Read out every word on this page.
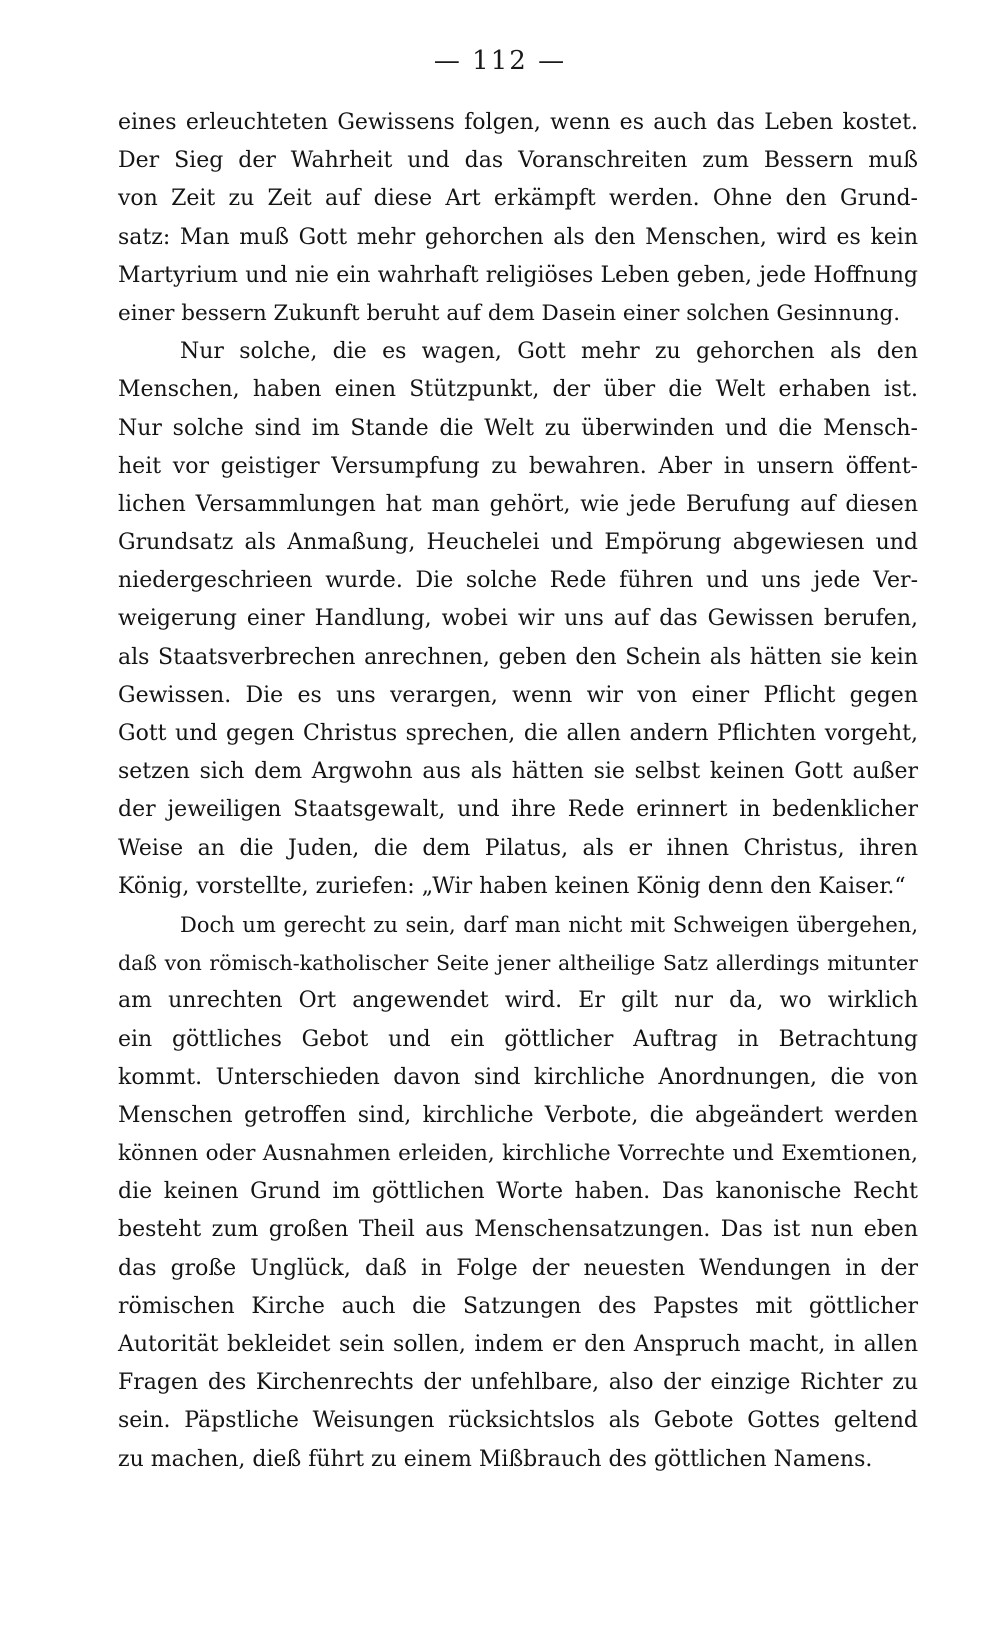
— 112 —
eines erleuchteten Gewissens folgen, wenn es auch das Leben kostet.
Der Sieg der Wahrheit und das Voranschreiten zum Bessern muß
von Zeit zu Zeit auf diese Art erkämpft werden. Ohne den Grund-
satz: Man muß Gott mehr gehorchen als den Menschen, wird es kein
Martyrium und nie ein wahrhaft religiöses Leben geben, jede Hoffnung
einer bessern Zukunft beruht auf dem Dasein einer solchen Gesinnung.
Nur solche, die es wagen, Gott mehr zu gehorchen als den
Menschen, haben einen Stützpunkt, der über die Welt erhaben ist.
Nur solche sind im Stande die Welt zu überwinden und die Mensch-
heit vor geistiger Versumpfung zu bewahren. Aber in unsern öffent-
lichen Versammlungen hat man gehört, wie jede Berufung auf diesen
Grundsatz als Anmaßung, Heuchelei und Empörung abgewiesen und
niedergeschrieen wurde. Die solche Rede führen und uns jede Ver-
weigerung einer Handlung, wobei wir uns auf das Gewissen berufen,
als Staatsverbrechen anrechnen, geben den Schein als hätten sie kein
Gewissen. Die es uns verargen, wenn wir von einer Pflicht gegen
Gott und gegen Christus sprechen, die allen andern Pflichten vorgeht,
setzen sich dem Argwohn aus als hätten sie selbst keinen Gott außer
der jeweiligen Staatsgewalt, und ihre Rede erinnert in bedenklicher
Weise an die Juden, die dem Pilatus, als er ihnen Christus, ihren
König, vorstellte, zuriefen: „Wir haben keinen König denn den Kaiser.“
Doch um gerecht zu sein, darf man nicht mit Schweigen übergehen,
daß von römisch-katholischer Seite jener altheilige Satz allerdings mitunter
am unrechten Ort angewendet wird. Er gilt nur da, wo wirklich
ein göttliches Gebot und ein göttlicher Auftrag in Betrachtung
kommt. Unterschieden davon sind kirchliche Anordnungen, die von
Menschen getroffen sind, kirchliche Verbote, die abgeändert werden
können oder Ausnahmen erleiden, kirchliche Vorrechte und Exemtionen,
die keinen Grund im göttlichen Worte haben. Das kanonische Recht
besteht zum großen Theil aus Menschensatzungen. Das ist nun eben
das große Unglück, daß in Folge der neuesten Wendungen in der
römischen Kirche auch die Satzungen des Papstes mit göttlicher
Autorität bekleidet sein sollen, indem er den Anspruch macht, in allen
Fragen des Kirchenrechts der unfehlbare, also der einzige Richter zu
sein. Päpstliche Weisungen rücksichtslos als Gebote Gottes geltend
zu machen, dieß führt zu einem Mißbrauch des göttlichen Namens.
